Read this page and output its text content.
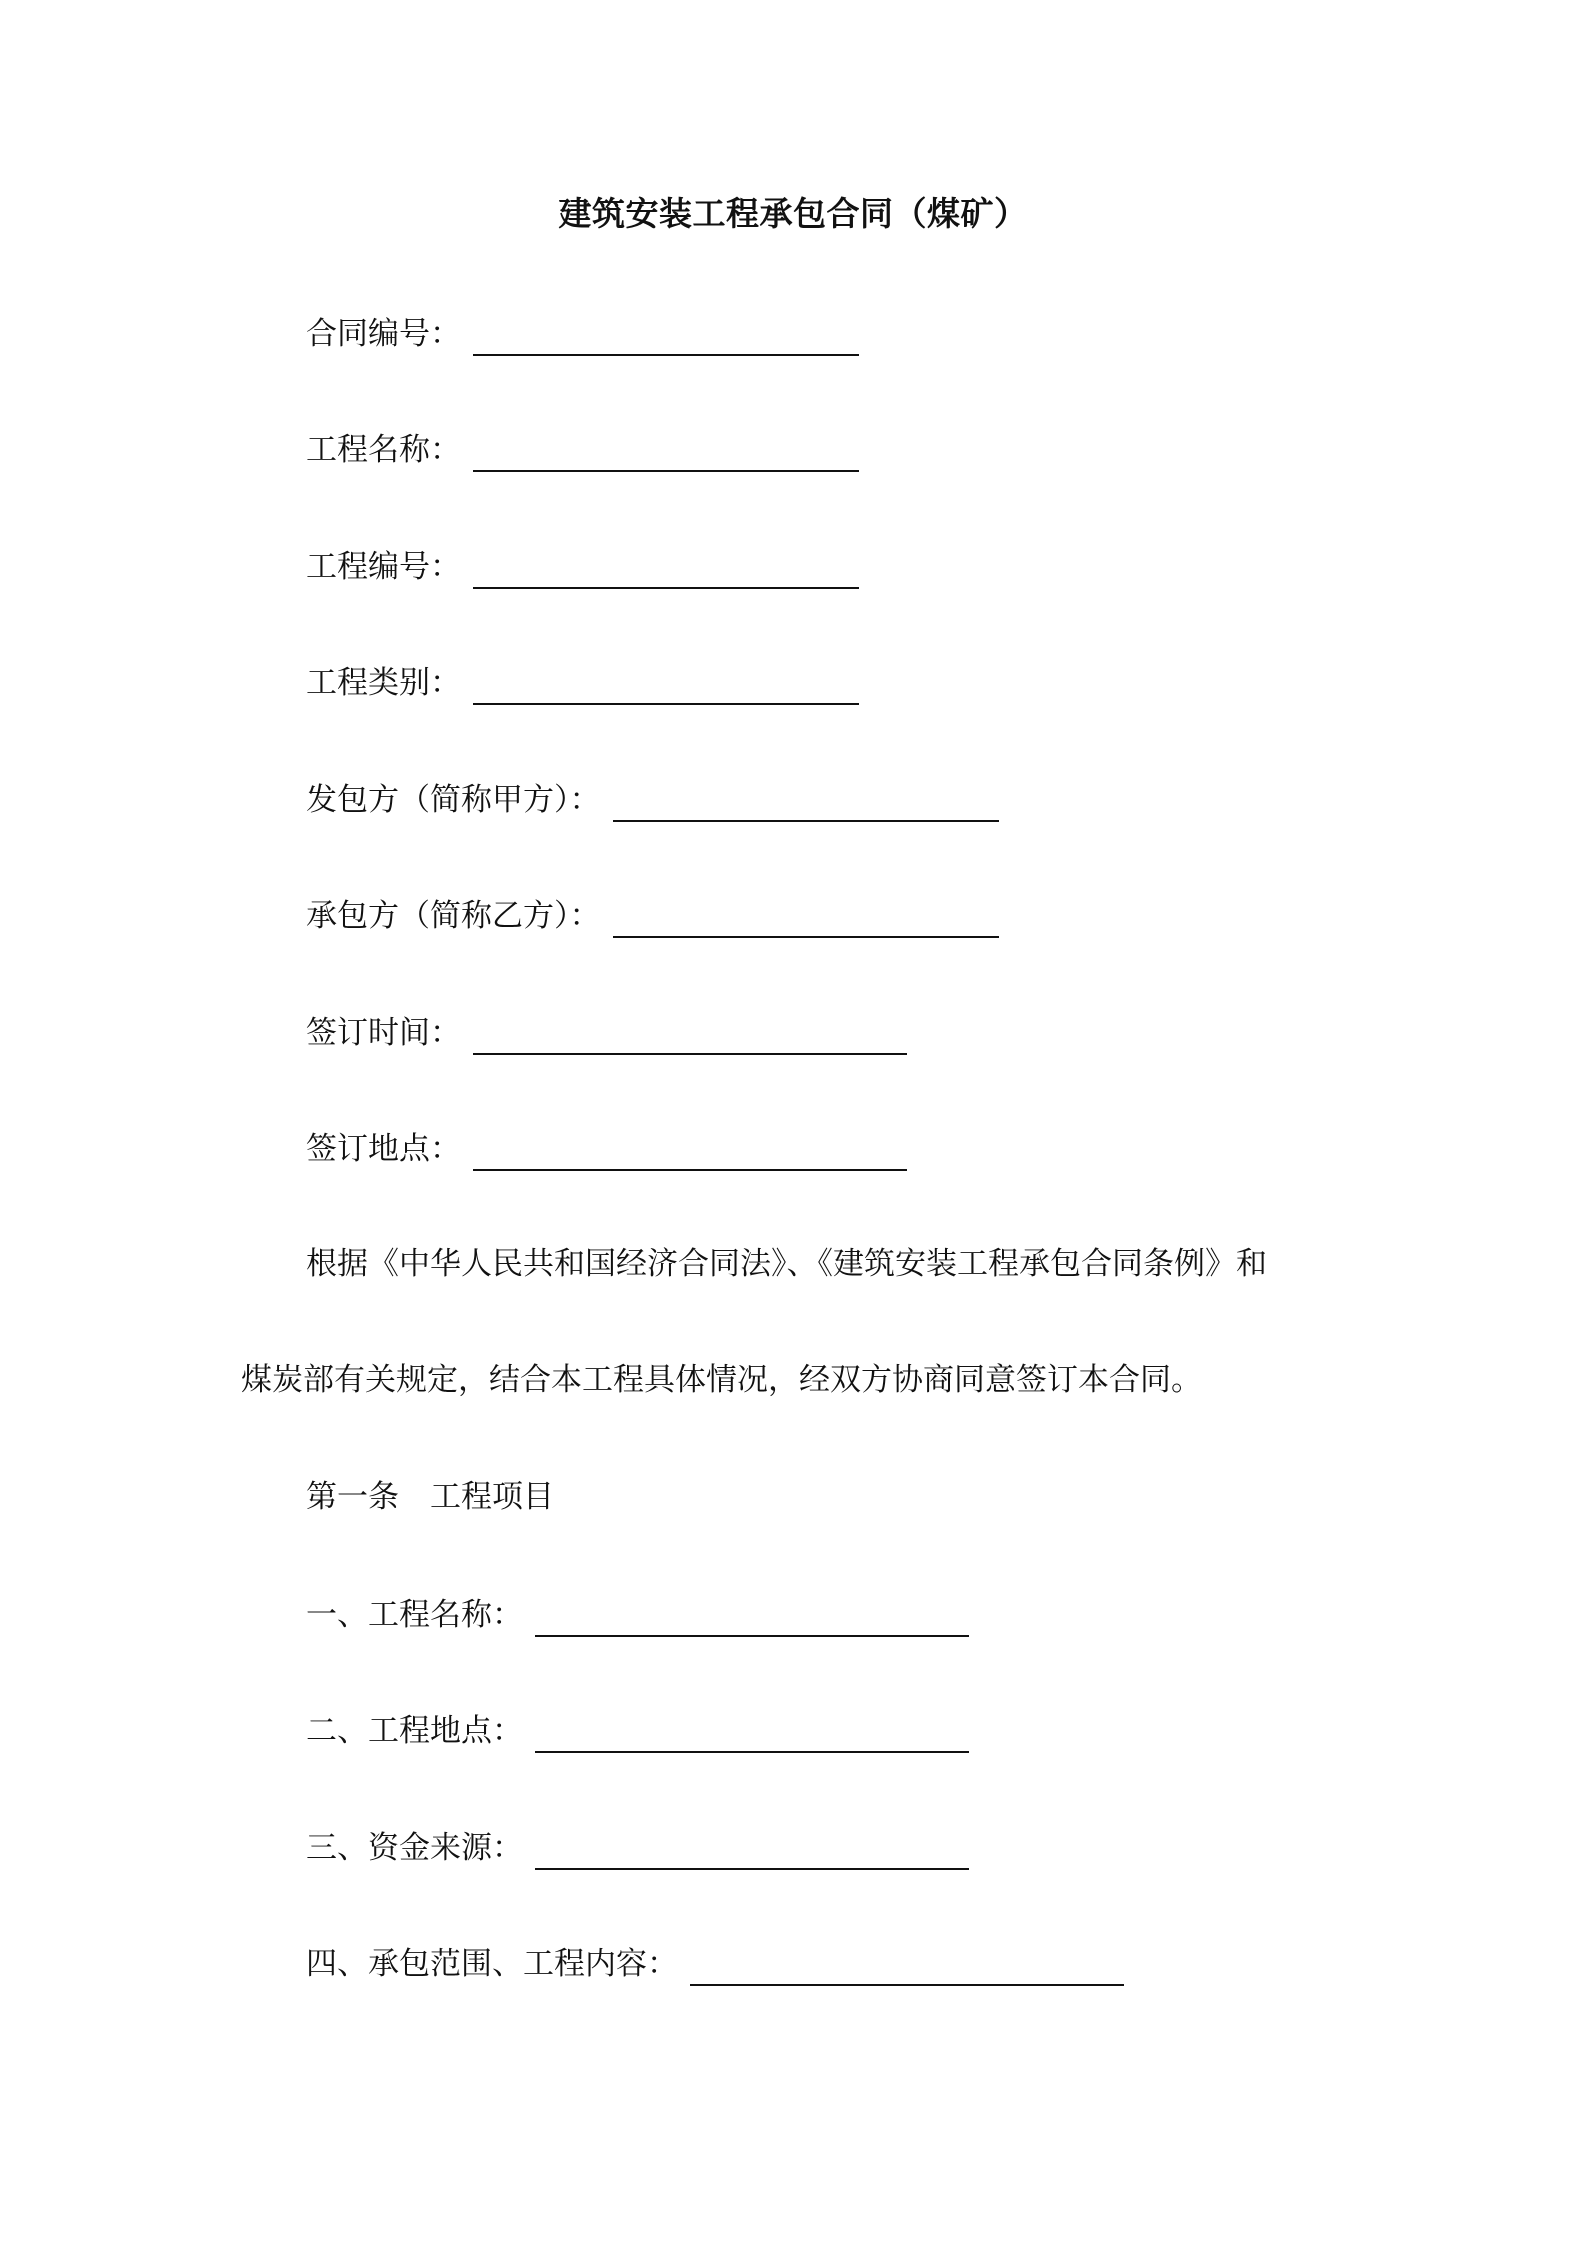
建筑安装工程承包合同（煤矿）
合同编号：
工程名称：
工程编号：
工程类别：
发包方（简称甲方）：
承包方（简称乙方）：
签订时间：
签订地点：
根据《中华人民共和国经济合同法》、《建筑安装工程承包合同条例》和
煤炭部有关规定，结合本工程具体情况，经双方协商同意签订本合同。
第一条　工程项目
一、工程名称：
二、工程地点：
三、资金来源：
四、承包范围、工程内容：
